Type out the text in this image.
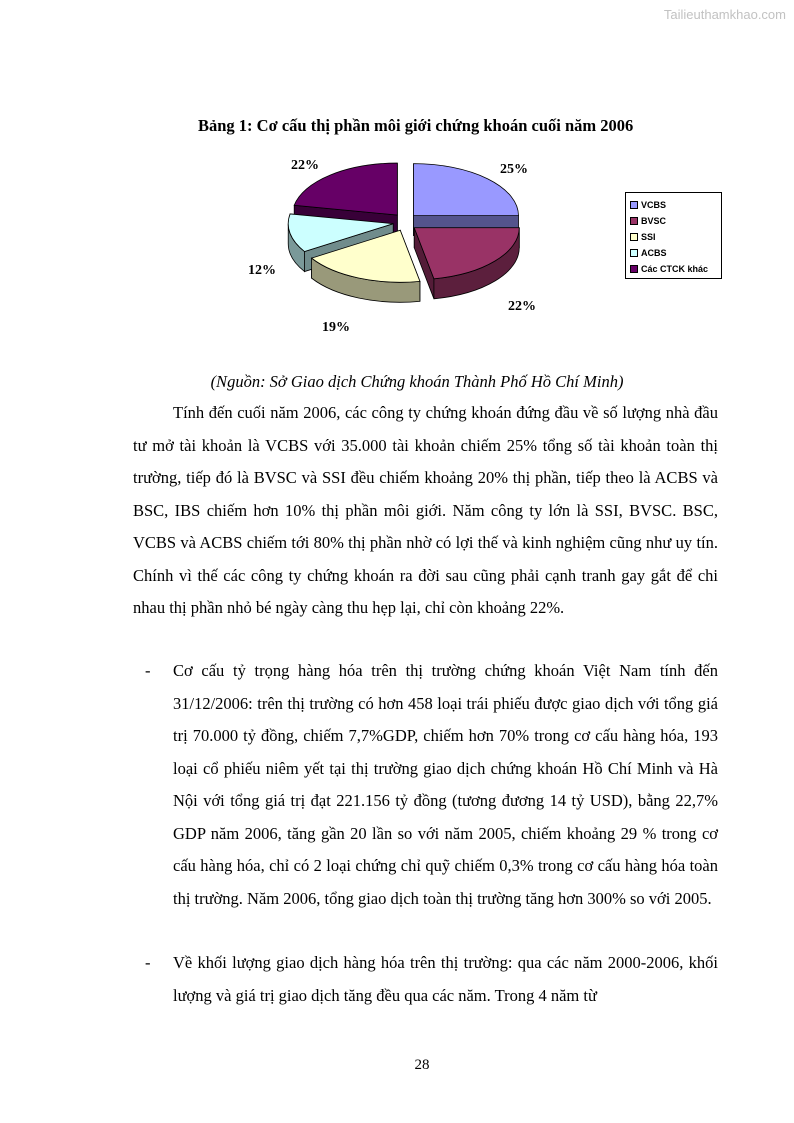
Tailieuthamkhao.com
Bảng 1: Cơ cấu thị phần môi giới chứng khoán cuối năm 2006
25%
22%
19%
12%
22%
VCBS
BVSC
SSI
ACBS
Các CTCK khác
(Nguồn: Sở Giao dịch Chứng khoán Thành Phố Hồ Chí Minh)

Tính đến cuối năm 2006, các công ty chứng khoán đứng đầu về số lượng nhà đầu tư mở tài khoản là VCBS với 35.000 tài khoản chiếm 25% tổng số tài khoản toàn thị trường, tiếp đó là BVSC và SSI đều chiếm khoảng 20% thị phần, tiếp theo là ACBS và BSC, IBS chiếm hơn 10% thị phần môi giới. Năm công ty lớn là SSI, BVSC. BSC, VCBS và ACBS chiếm tới 80% thị phần nhờ có lợi thế và kinh nghiệm cũng như uy tín. Chính vì thế các công ty chứng khoán ra đời sau cũng phải cạnh tranh gay gắt để chi nhau thị phần nhỏ bé ngày càng thu hẹp lại, chỉ còn khoảng 22%.

- Cơ cấu tỷ trọng hàng hóa trên thị trường chứng khoán Việt Nam tính đến 31/12/2006: trên thị trường có hơn 458 loại trái phiếu được giao dịch với tổng giá trị 70.000 tỷ đồng, chiếm 7,7%GDP, chiếm hơn 70% trong cơ cấu hàng hóa, 193 loại cổ phiếu niêm yết tại thị trường giao dịch chứng khoán Hồ Chí Minh và Hà Nội với tổng giá trị đạt 221.156 tỷ đồng (tương đương 14 tỷ USD), bằng 22,7% GDP năm 2006, tăng gần 20 lần so với năm 2005, chiếm khoảng 29 % trong cơ cấu hàng hóa, chỉ có 2 loại chứng chỉ quỹ chiếm 0,3% trong cơ cấu hàng hóa toàn thị trường. Năm 2006, tổng giao dịch toàn thị trường tăng hơn 300% so với 2005.

- Về khối lượng giao dịch hàng hóa trên thị trường: qua các năm 2000-2006, khối lượng và giá trị giao dịch tăng đều qua các năm. Trong 4 năm từ

28
